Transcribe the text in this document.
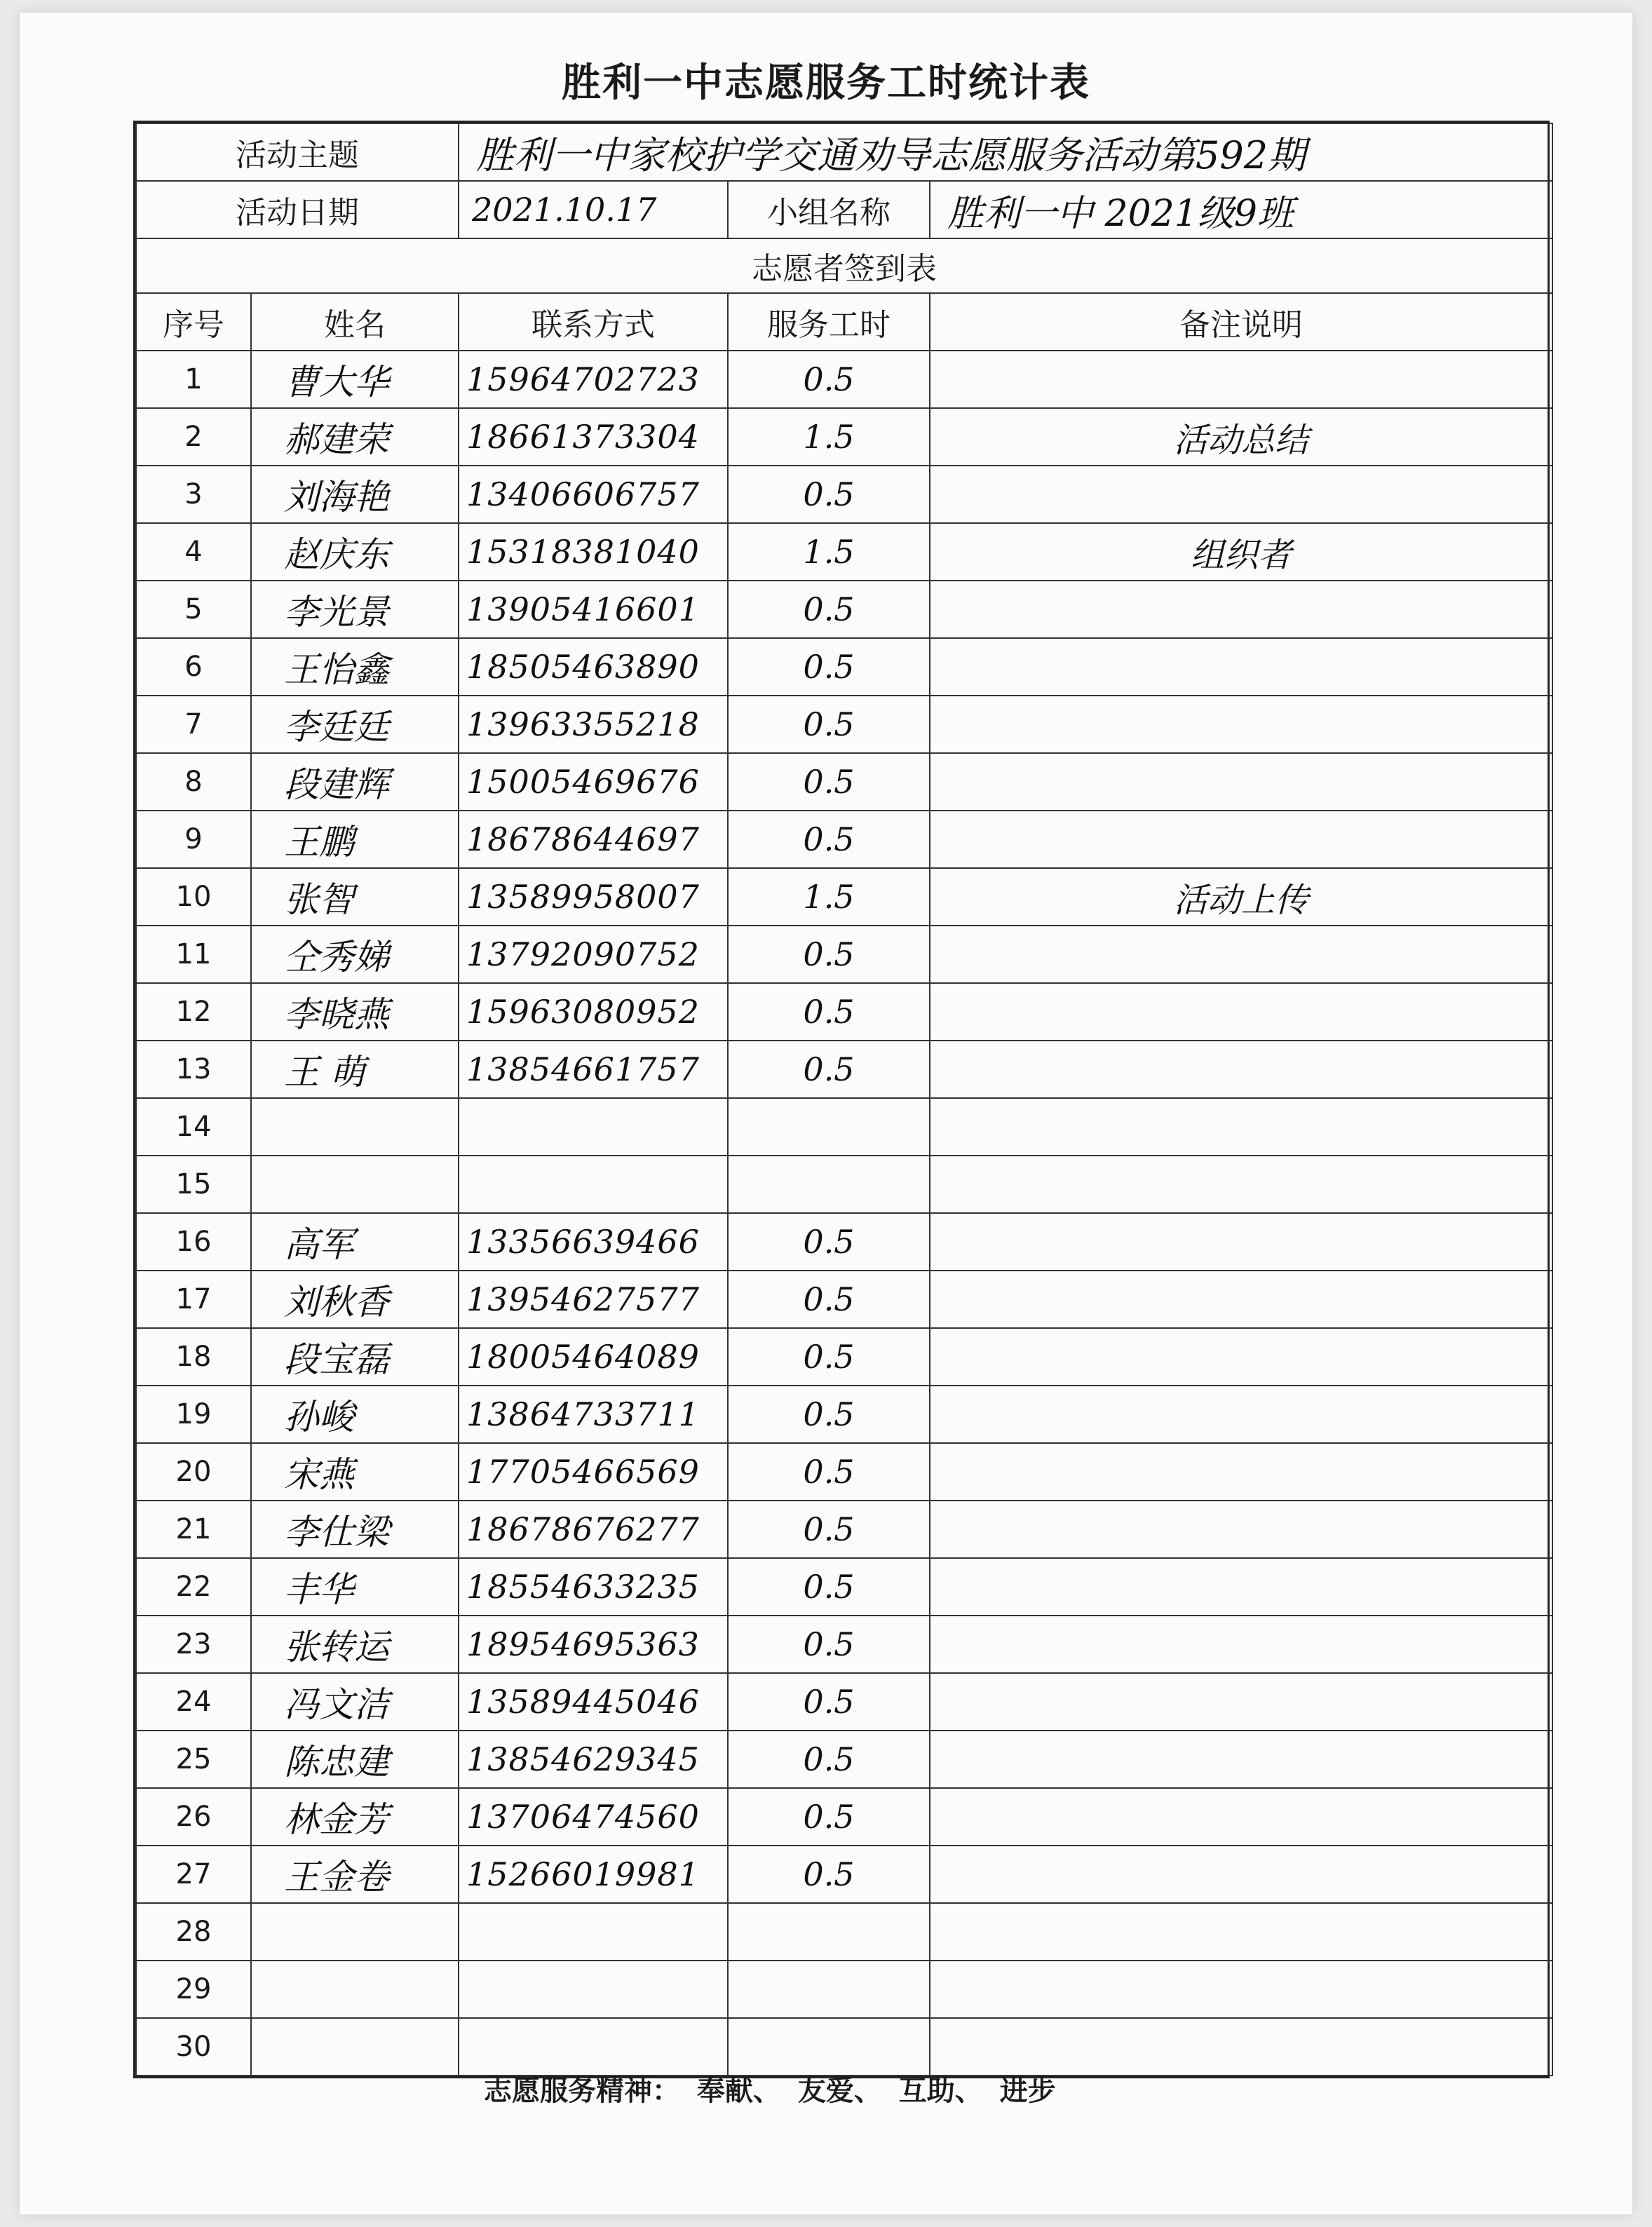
胜利一中志愿服务工时统计表
活动主题		胜利一中家校护学交通劝导志愿服务活动第592期		
活动日期		2021.10.17	小组名称	胜利一中 2021级9班
志愿者签到表				
序号	姓名	联系方式	服务工时	备注说明
1	曹大华	15964702723	0.5	
2	郝建荣	18661373304	1.5	活动总结
3	刘海艳	13406606757	0.5	
4	赵庆东	15318381040	1.5	组织者
5	李光景	13905416601	0.5	
6	王怡鑫	18505463890	0.5	
7	李廷廷	13963355218	0.5	
8	段建辉	15005469676	0.5	
9	王鹏	18678644697	0.5	
10	张智	13589958007	1.5	活动上传
11	仝秀娣	13792090752	0.5	
12	李晓燕	15963080952	0.5	
13	王 萌	13854661757	0.5	
14				
15				
16	高军	13356639466	0.5	
17	刘秋香	13954627577	0.5	
18	段宝磊	18005464089	0.5	
19	孙峻	13864733711	0.5	
20	宋燕	17705466569	0.5	
21	李仕梁	18678676277	0.5	
22	丰华	18554633235	0.5	
23	张转运	18954695363	0.5	
24	冯文洁	13589445046	0.5	
25	陈忠建	13854629345	0.5	
26	林金芳	13706474560	0.5	
27	王金卷	15266019981	0.5	
28				
29				
30				
志愿服务精神： 奉献、 友爱、 互助、 进步
